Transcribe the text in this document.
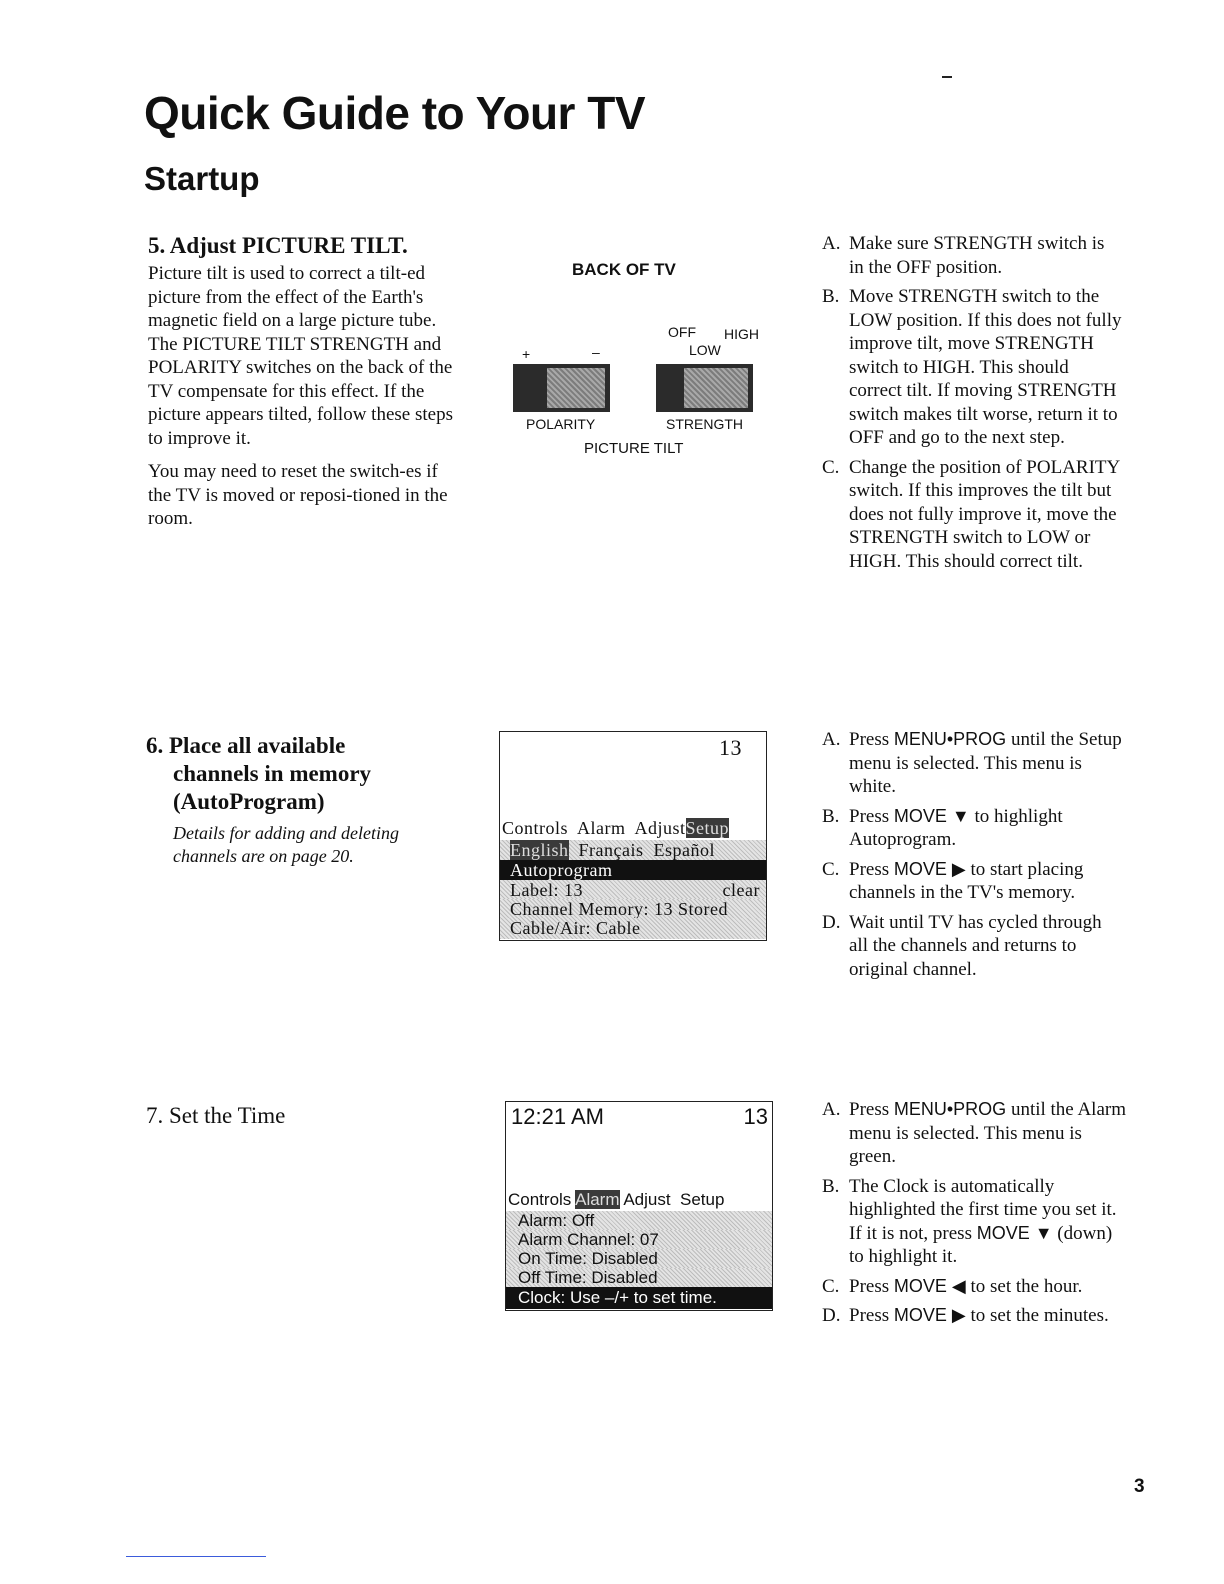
Quick Guide to Your TV
Startup

5. Adjust PICTURE TILT.

Picture tilt is used to correct a tilt-ed picture from the effect of the Earth's magnetic field on a large picture tube. The PICTURE TILT STRENGTH and POLARITY switches on the back of the TV compensate for this effect. If the picture appears tilted, follow these steps to improve it.

You may need to reset the switch-es if the TV is moved or reposi-tioned in the room.

BACK OF TV
OFF HIGH
LOW
+	–
POLARITY	STRENGTH
PICTURE TILT
A. Make sure STRENGTH switch is in the OFF position.
B. Move STRENGTH switch to the LOW position. If this does not fully improve tilt, move STRENGTH switch to HIGH. This should correct tilt. If moving STRENGTH switch makes tilt worse, return it to OFF and go to the next step.
C. Change the position of POLARITY switch. If this improves the tilt but does not fully improve it, move the STRENGTH switch to LOW or HIGH. This should correct tilt.

6. Place all available

channels in memory

(AutoProgram)

Details for adding and deleting
channels are on page 20.
13
Controls Alarm AdjustSetup
English Français Español
Autoprogram
Label: 13	clear
Channel Memory: 13 Stored
Cable/Air: Cable
A. Press MENU•PROG until the Setup menu is selected. This menu is white.
B. Press MOVE ▼ to highlight Autoprogram.
C. Press MOVE ▶ to start placing channels in the TV's memory.
D. Wait until TV has cycled through all the channels and returns to original channel.

7. Set the Time	12:21 AM	13
Controls Alarm Adjust Setup
Alarm: Off
Alarm Channel: 07
On Time: Disabled
Off Time: Disabled
Clock: Use –/+ to set time.
A. Press MENU•PROG until the Alarm menu is selected. This menu is green.
B. The Clock is automatically highlighted the first time you set it. If it is not, press MOVE ▼ (down) to highlight it.
C. Press MOVE ◀ to set the hour.
D. Press MOVE ▶ to set the minutes.
3
